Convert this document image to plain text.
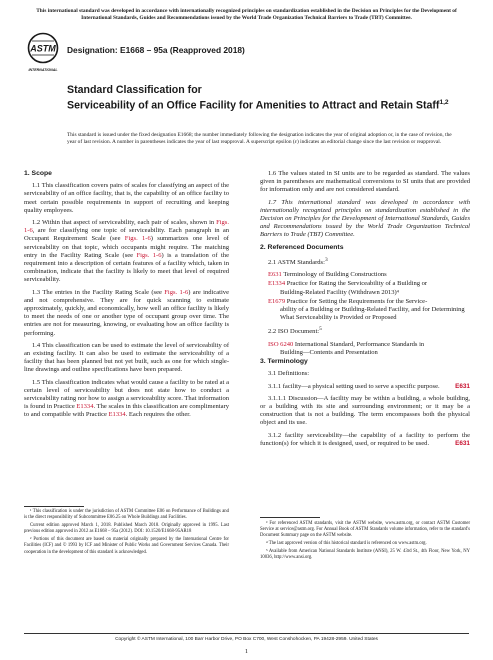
This international standard was developed in accordance with internationally recognized principles on standardization established in the Decision on Principles for the Development of International Standards, Guides and Recommendations issued by the World Trade Organization Technical Barriers to Trade (TBT) Committee.
ASTM
INTERNATIONAL
Designation: E1668 – 95a (Reapproved 2018)
Standard Classification for
Serviceability of an Office Facility for Amenities to Attract and Retain Staff$^{1,2}$
This standard is issued under the fixed designation E1668; the number immediately following the designation indicates the year of original adoption or, in the case of revision, the year of last revision. A number in parentheses indicates the year of last reapproval. A superscript epsilon (ε) indicates an editorial change since the last revision or reapproval.

1. Scope

1.1 This classification covers pairs of scales for classifying an aspect of the serviceability of an office facility, that is, the capability of an office facility to meet certain possible requirements in support of recruiting and keeping quality employees.

1.2 Within that aspect of serviceability, each pair of scales, shown in Figs. 1-6, are for classifying one topic of serviceability. Each paragraph in an Occupant Requirement Scale (see Figs. 1-6) summarizes one level of serviceability on that topic, which occupants might require. The matching entry in the Facility Rating Scale (see Figs. 1-6) is a translation of the requirement into a description of certain features of a facility which, taken in combination, indicate that the facility is likely to meet that level of required serviceability.

1.3 The entries in the Facility Rating Scale (see Figs. 1-6) are indicative and not comprehensive. They are for quick scanning to estimate approximately, quickly, and economically, how well an office facility is likely to meet the needs of one or another type of occupant group over time. The entries are not for measuring, knowing, or evaluating how an office facility is performing.

1.4 This classification can be used to estimate the level of serviceability of an existing facility. It can also be used to estimate the serviceability of a facility that has been planned but not yet built, such as one for which single-line drawings and outline specifications have been prepared.

1.5 This classification indicates what would cause a facility to be rated at a certain level of serviceability but does not state how to conduct a serviceability rating nor how to assign a serviceability score. That information is found in Practice E1334. The scales in this classification are complimentary to and compatible with Practice E1334. Each requires the other.

1.6 The values stated in SI units are to be regarded as standard. The values given in parentheses are mathematical conversions to SI units that are provided for information only and are not considered standard.

1.7 This international standard was developed in accordance with internationally recognized principles on standardization established in the Decision on Principles for the Development of International Standards, Guides and Recommendations issued by the World Trade Organization Technical Barriers to Trade (TBT) Committee.

2. Referenced Documents

2.1 ASTM Standards:$^3$

E631 Terminology of Building Constructions
E1334 Practice for Rating the Serviceability of a Building or
Building-Related Facility (Withdrawn 2013)⁴
E1679 Practice for Setting the Requirements for the Service-
ability of a Building or Building-Related Facility, and for Determining What Serviceability is Provided or Proposed

2.2 ISO Document:$^5$

ISO 6240 International Standard, Performance Standards in
Building—Contents and Presentation

3. Terminology

3.1 Definitions:

3.1.1 facility—a physical setting used to serve a specific purpose.	E631

3.1.1.1 Discussion—A facility may be within a building, a whole building, or a building with its site and surrounding environment; or it may be a construction that is not a building. The term encompasses both the physical object and its use.

3.1.2 facility serviceability—the capability of a facility to perform the function(s) for which it is designed, used, or required to be used.	E631

¹ This classification is under the jurisdiction of ASTM Committee E06 on Performance of Buildings and is the direct responsibility of Subcommittee E06.25 on Whole Buildings and Facilities.

Current edition approved March 1, 2018. Published March 2018. Originally approved in 1995. Last previous edition approved in 2012 as E1668 – 95a (2012). DOI: 10.1520/E1668-95AR18

² Portions of this document are based on material originally prepared by the International Centre for Facilities (ICF) and © 1993 by ICF and Minister of Public Works and Government Services Canada. Their cooperation in the development of this standard is acknowledged.

³ For referenced ASTM standards, visit the ASTM website, www.astm.org, or contact ASTM Customer Service at service@astm.org. For Annual Book of ASTM Standards volume information, refer to the standard's Document Summary page on the ASTM website.

⁴ The last approved version of this historical standard is referenced on www.astm.org.

⁵ Available from American National Standards Institute (ANSI), 25 W. 43rd St., 4th Floor, New York, NY 10036, http://www.ansi.org.

Copyright © ASTM International, 100 Barr Harbor Drive, PO Box C700, West Conshohocken, PA 19428-2959. United States
1
